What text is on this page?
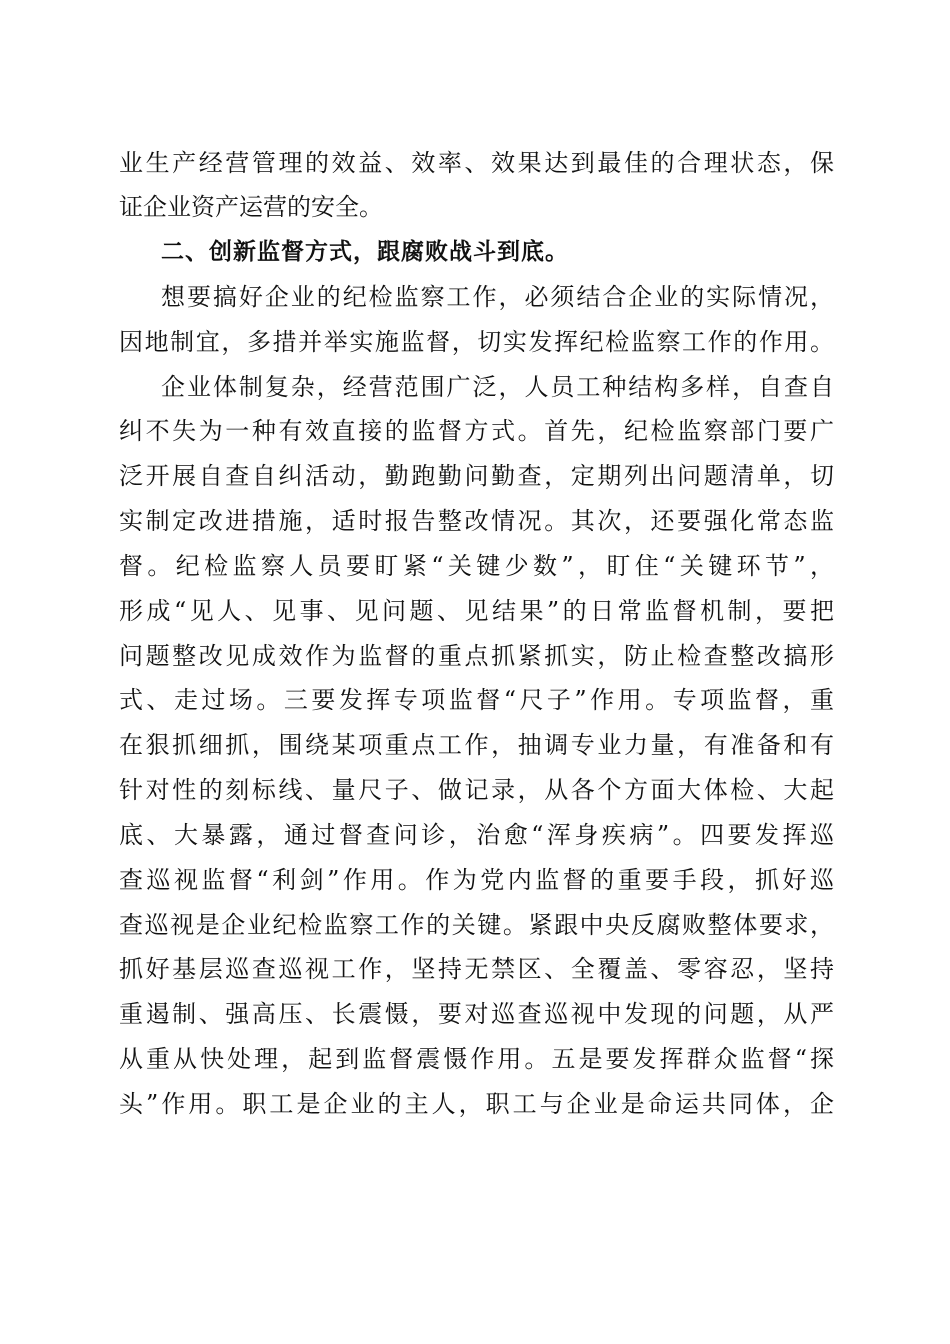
业生产经营管理的效益、效率、效果达到最佳的合理状态，保
证企业资产运营的安全。
二、创新监督方式，跟腐败战斗到底。
想要搞好企业的纪检监察工作，必须结合企业的实际情况，
因地制宜，多措并举实施监督，切实发挥纪检监察工作的作用。
企业体制复杂，经营范围广泛，人员工种结构多样，自查自
纠不失为一种有效直接的监督方式。首先，纪检监察部门要广
泛开展自查自纠活动，勤跑勤问勤查，定期列出问题清单，切
实制定改进措施，适时报告整改情况。其次，还要强化常态监
督。纪检监察人员要盯紧“关键少数”，盯住“关键环节”，
形成“见人、见事、见问题、见结果”的日常监督机制，要把
问题整改见成效作为监督的重点抓紧抓实，防止检查整改搞形
式、走过场。三要发挥专项监督“尺子”作用。专项监督，重
在狠抓细抓，围绕某项重点工作，抽调专业力量，有准备和有
针对性的刻标线、量尺子、做记录，从各个方面大体检、大起
底、大暴露，通过督查问诊，治愈“浑身疾病”。四要发挥巡
查巡视监督“利剑”作用。作为党内监督的重要手段，抓好巡
查巡视是企业纪检监察工作的关键。紧跟中央反腐败整体要求，
抓好基层巡查巡视工作，坚持无禁区、全覆盖、零容忍，坚持
重遏制、强高压、长震慑，要对巡查巡视中发现的问题，从严
从重从快处理，起到监督震慑作用。五是要发挥群众监督“探
头”作用。职工是企业的主人，职工与企业是命运共同体，企
